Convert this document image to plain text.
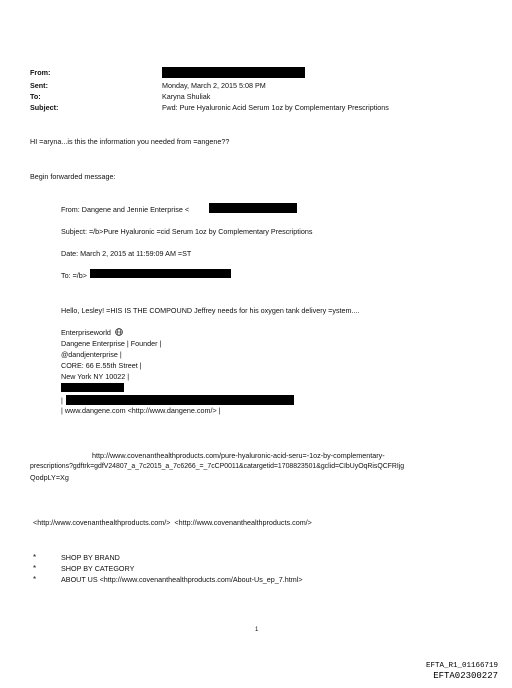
From:
Sent:	Monday, March 2, 2015 5:08 PM
To:	Karyna Shuliak
Subject:	Fwd: Pure Hyaluronic Acid Serum 1oz by Complementary Prescriptions
HI =aryna...is this the information you needed from =angene??
Begin forwarded message:
From: Dangene and Jennie Enterprise <
Subject: =/b>Pure Hyaluronic =cid Serum 1oz by Complementary Prescriptions
Date: March 2, 2015 at 11:59:09 AM =ST
To: =/b>
Hello, Lesley! =HIS IS THE COMPOUND Jeffrey needs for his oxygen tank delivery =ystem....
Enterpriseworld
Dangene Enterprise | Founder |
@dandjenterprise |
CORE: 66 E.55th Street |
New York NY 10022 |
|
| www.dangene.com <http://www.dangene.com/> |
http://www.covenanthealthproducts.com/pure-hyaluronic-acid-seru=-1oz-by-complementary-
prescriptions?gdftrk=gdfV24807_a_7c2015_a_7c6266_=_7cCP0011&catargetid=1708823501&gclid=CIbUyOqRisQCFRIjg
QodpLY=Xg
<http://www.covenanthealthproducts.com/>  <http://www.covenanthealthproducts.com/>
*	SHOP BY BRAND
*	SHOP BY CATEGORY
*	ABOUT US <http://www.covenanthealthproducts.com/About-Us_ep_7.html>
1
EFTA_R1_01166719
EFTA02300227
